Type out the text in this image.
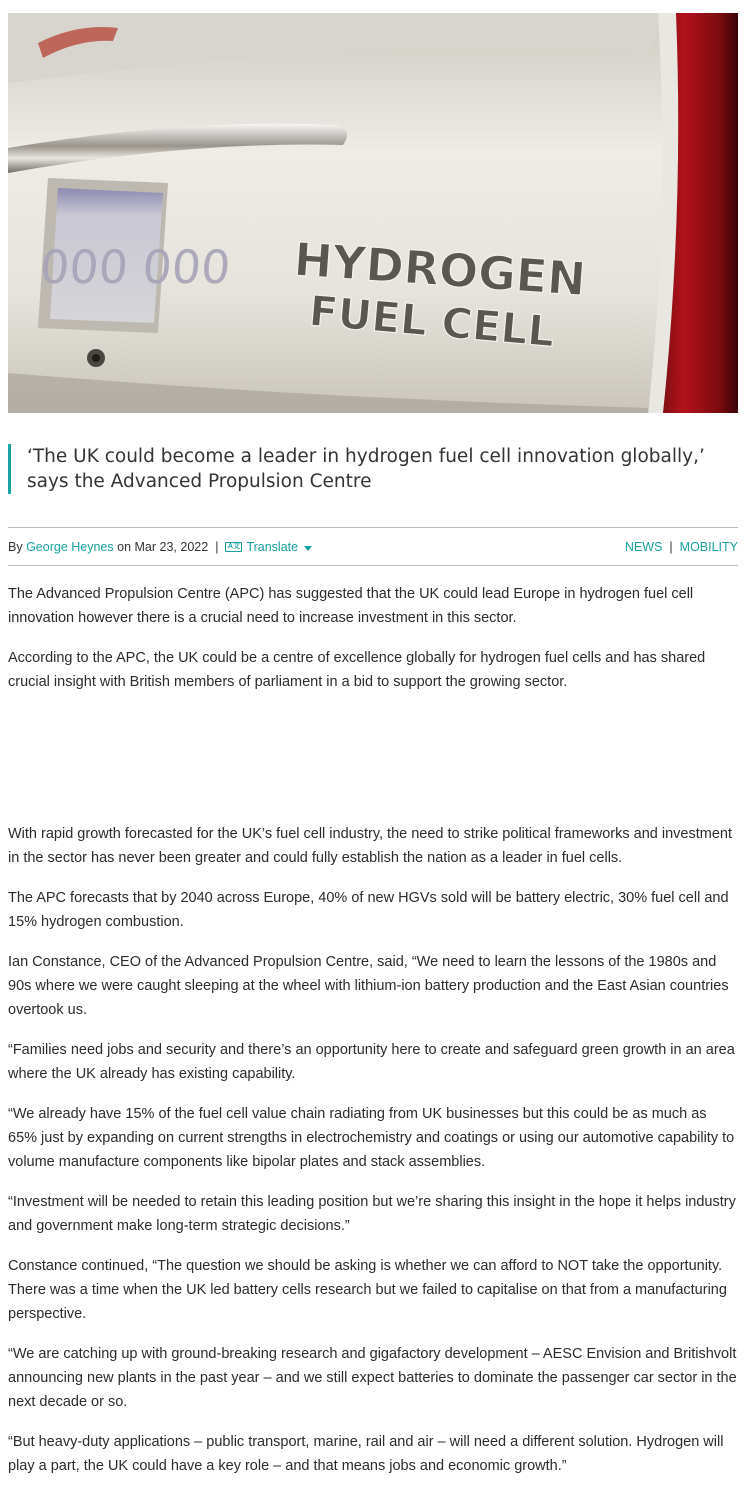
000 000 HYDROGEN
FUEL CELL
‘The UK could become a leader in hydrogen fuel cell innovation globally,’ says the Advanced Propulsion Centre
By
George Heynes
on
Mar 23, 2022 |	A文 Translate	NEWS | MOBILITY

The Advanced Propulsion Centre (APC) has suggested that the UK could lead Europe in hydrogen fuel cell innovation however there is a crucial need to increase investment in this sector.

According to the APC, the UK could be a centre of excellence globally for hydrogen fuel cells and has shared crucial insight with British members of parliament in a bid to support the growing sector.

With rapid growth forecasted for the UK’s fuel cell industry, the need to strike political frameworks and investment in the sector has never been greater and could fully establish the nation as a leader in fuel cells.

The APC forecasts that by 2040 across Europe, 40% of new HGVs sold will be battery electric, 30% fuel cell and 15% hydrogen combustion.

Ian Constance, CEO of the Advanced Propulsion Centre, said, “We need to learn the lessons of the 1980s and 90s where we were caught sleeping at the wheel with lithium-ion battery production and the East Asian countries overtook us.

“Families need jobs and security and there’s an opportunity here to create and safeguard green growth in an area where the UK already has existing capability.

“We already have 15% of the fuel cell value chain radiating from UK businesses but this could be as much as 65% just by expanding on current strengths in electrochemistry and coatings or using our automotive capability to volume manufacture components like bipolar plates and stack assemblies.

“Investment will be needed to retain this leading position but we’re sharing this insight in the hope it helps industry and government make long-term strategic decisions.”

Constance continued, “The question we should be asking is whether we can afford to NOT take the opportunity. There was a time when the UK led battery cells research but we failed to capitalise on that from a manufacturing perspective.

“We are catching up with ground-breaking research and gigafactory development – AESC Envision and Britishvolt announcing new plants in the past year – and we still expect batteries to dominate the passenger car sector in the next decade or so.

“But heavy-duty applications – public transport, marine, rail and air – will need a different solution. Hydrogen will play a part, the UK could have a key role – and that means jobs and economic growth.”
